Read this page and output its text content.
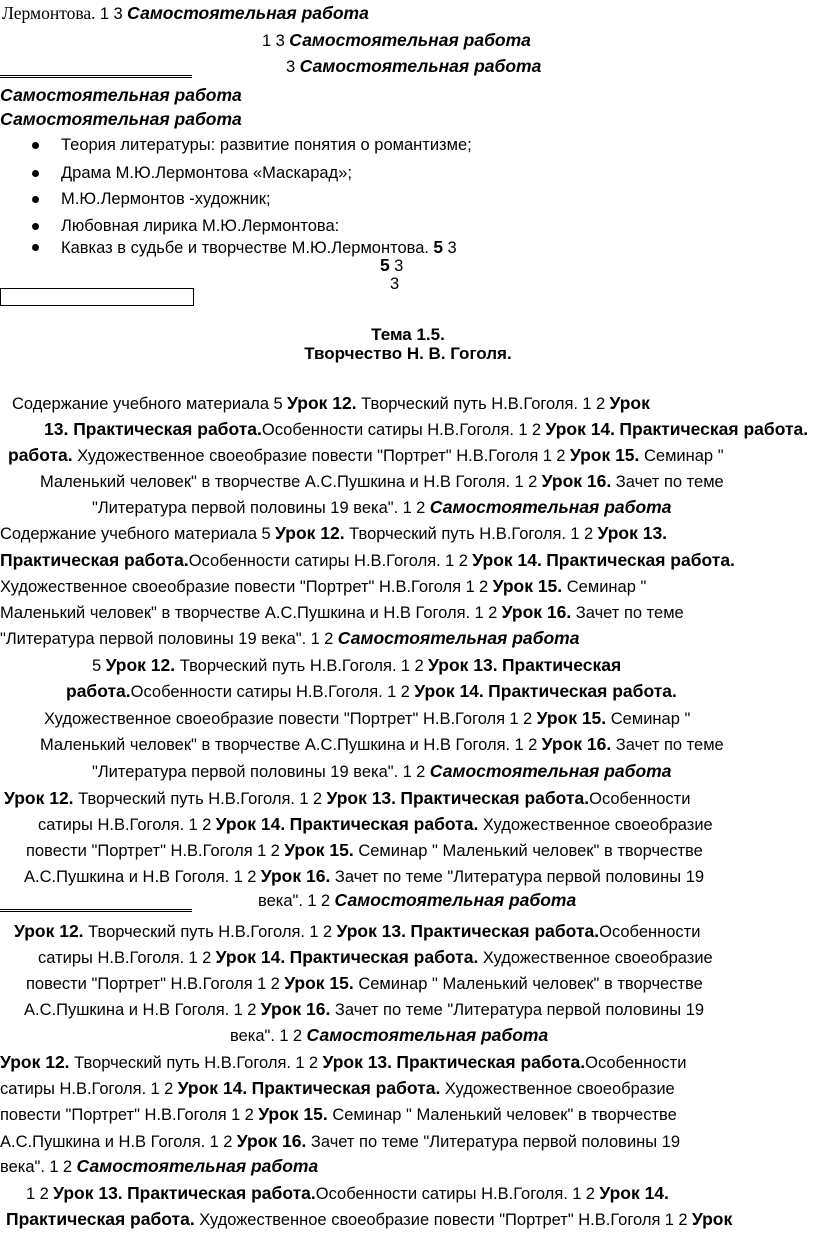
Лермонтова. 1 3 Самостоятельная работа
1 3 Самостоятельная работа
3 Самостоятельная работа
Самостоятельная работа
Самостоятельная работа
Теория литературы: развитие понятия о романтизме;
Драма М.Ю.Лермонтова «Маскарад»;
М.Ю.Лермонтов -художник;
Любовная лирика М.Ю.Лермонтова:
Кавказ в судьбе и творчестве М.Ю.Лермонтова. 5 3
5 3
3
Тема 1.5.
Творчество Н. В. Гоголя.
Содержание учебного материала 5 Урок 12. Творческий путь Н.В.Гоголя. 1 2 Урок
13. Практическая работа.Особенности сатиры Н.В.Гоголя. 1 2 Урок 14. Практическая работа.
работа. Художественное своеобразие повести "Портрет" Н.В.Гоголя 1 2 Урок 15. Семинар "
Маленький человек" в творчестве А.С.Пушкина и Н.В Гоголя. 1 2 Урок 16. Зачет по теме
"Литература первой половины 19 века". 1 2 Самостоятельная работа
Содержание учебного материала 5 Урок 12. Творческий путь Н.В.Гоголя. 1 2 Урок 13.
Практическая работа.Особенности сатиры Н.В.Гоголя. 1 2 Урок 14. Практическая работа.
Художественное своеобразие повести "Портрет" Н.В.Гоголя 1 2 Урок 15. Семинар "
Маленький человек" в творчестве А.С.Пушкина и Н.В Гоголя. 1 2 Урок 16. Зачет по теме
"Литература первой половины 19 века". 1 2 Самостоятельная работа
5 Урок 12. Творческий путь Н.В.Гоголя. 1 2 Урок 13. Практическая
работа.Особенности сатиры Н.В.Гоголя. 1 2 Урок 14. Практическая работа.
Художественное своеобразие повести "Портрет" Н.В.Гоголя 1 2 Урок 15. Семинар "
Маленький человек" в творчестве А.С.Пушкина и Н.В Гоголя. 1 2 Урок 16. Зачет по теме
"Литература первой половины 19 века". 1 2 Самостоятельная работа
Урок 12. Творческий путь Н.В.Гоголя. 1 2 Урок 13. Практическая работа.Особенности
сатиры Н.В.Гоголя. 1 2 Урок 14. Практическая работа. Художественное своеобразие
повести "Портрет" Н.В.Гоголя 1 2 Урок 15. Семинар " Маленький человек" в творчестве
А.С.Пушкина и Н.В Гоголя. 1 2 Урок 16. Зачет по теме "Литература первой половины 19
века". 1 2 Самостоятельная работа
Урок 12. Творческий путь Н.В.Гоголя. 1 2 Урок 13. Практическая работа.Особенности
сатиры Н.В.Гоголя. 1 2 Урок 14. Практическая работа. Художественное своеобразие
повести "Портрет" Н.В.Гоголя 1 2 Урок 15. Семинар " Маленький человек" в творчестве
А.С.Пушкина и Н.В Гоголя. 1 2 Урок 16. Зачет по теме "Литература первой половины 19
века". 1 2 Самостоятельная работа
Урок 12. Творческий путь Н.В.Гоголя. 1 2 Урок 13. Практическая работа.Особенности
сатиры Н.В.Гоголя. 1 2 Урок 14. Практическая работа. Художественное своеобразие
повести "Портрет" Н.В.Гоголя 1 2 Урок 15. Семинар " Маленький человек" в творчестве
А.С.Пушкина и Н.В Гоголя. 1 2 Урок 16. Зачет по теме "Литература первой половины 19
века". 1 2 Самостоятельная работа
1 2 Урок 13. Практическая работа.Особенности сатиры Н.В.Гоголя. 1 2 Урок 14.
Практическая работа. Художественное своеобразие повести "Портрет" Н.В.Гоголя 1 2 Урок
